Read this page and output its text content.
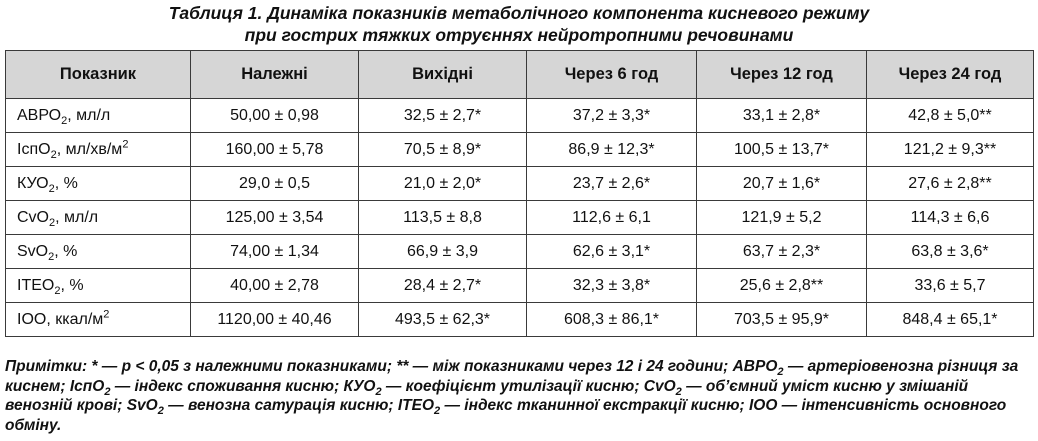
Таблиця 1. Динаміка показників метаболічного компонента кисневого режиму
при гострих тяжких отруєннях нейротропними речовинами
Показник	Належні	Вихідні	Через 6 год	Через 12 год	Через 24 год
$АВРО_2$, мл/л	50,00 ± 0,98	32,5 ± 2,7*	37,2 ± 3,3*	33,1 ± 2,8*	42,8 ± 5,0**
ІспО$_2$, $мл/хв/м^2$	160,00 ± 5,78	70,5 ± 8,9*	86,9 ± 12,3*	100,5 ± 13,7*	121,2 ± 9,3**
$КУО_2$, %	29,0 ± 0,5	21,0 ± 2,0*	23,7 ± 2,6*	20,7 ± 1,6*	27,6 ± 2,8**
CvO$_2$, мл/л	125,00 ± 3,54	113,5 ± 8,8	112,6 ± 6,1	121,9 ± 5,2	114,3 ± 6,6
SvO$_2$, %	74,00 ± 1,34	66,9 ± 3,9	62,6 ± 3,1*	63,7 ± 2,3*	63,8 ± 3,6*
$ІТЕО_2$, %	40,00 ± 2,78	28,4 ± 2,7*	32,3 ± 3,8*	25,6 ± 2,8**	33,6 ± 5,7
ІОО, ккал/$м^2$	1120,00 ± 40,46	493,5 ± 62,3*	608,3 ± 86,1*	703,5 ± 95,9*	848,4 ± 65,1*
Примітки: * — р < 0,05 з належними показниками; ** — між показниками через 12 і 24 години; $АВРО_2$ — артеріовенозна різниця за киснем; ІспО$_2$ — індекс споживання кисню; $КУО_2$ — коефіцієнт утилізації кисню; CvO$_2$ — об’ємний уміст кисню у змішаній венозній крові; SvO$_2$ — венозна сатурація кисню; $ІТЕО_2$ — індекс тканинної екстракції кисню; ІОО — інтенсивність основного обміну.
